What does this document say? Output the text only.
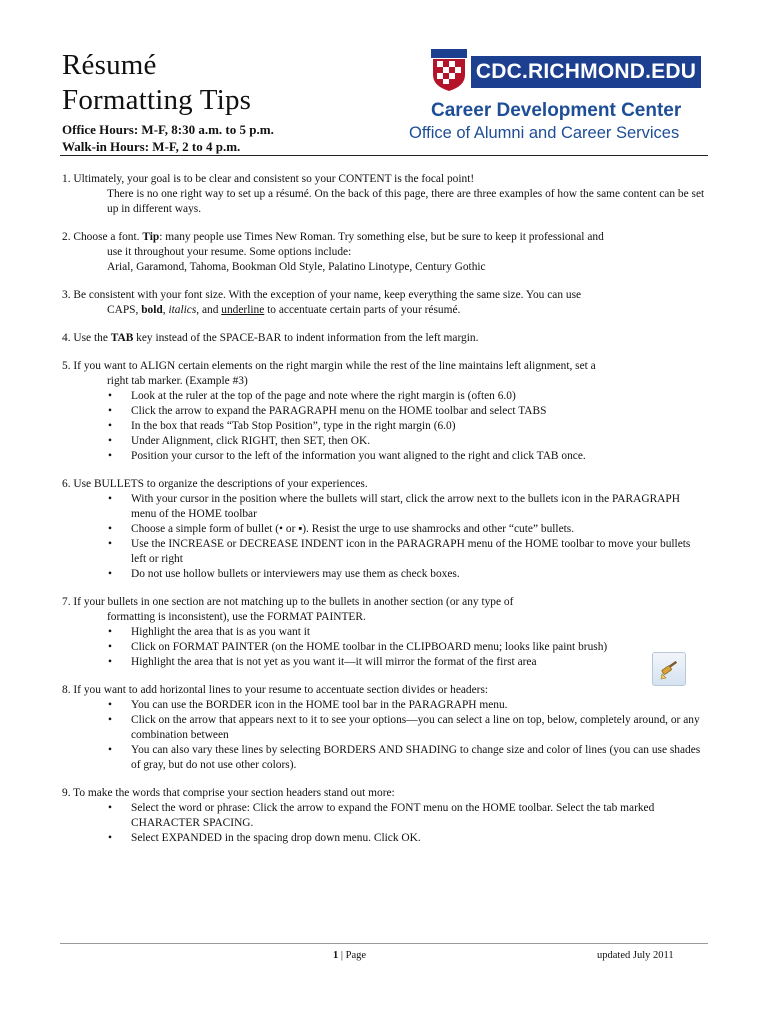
Résumé
Formatting Tips
Office Hours: M-F, 8:30 a.m. to 5 p.m.
Walk-in Hours: M-F, 2 to 4 p.m.
CDC.RICHMOND.EDU
Career Development Center
Office of Alumni and Career Services

1. Ultimately, your goal is to be clear and consistent so your CONTENT is the focal point!

There is no one right way to set up a résumé. On the back of this page, there are three examples of how the same content can be set up in different ways.

2. Choose a font. Tip: many people use Times New Roman. Try something else, but be sure to keep it professional and

use it throughout your resume. Some options include:

Arial, Garamond, Tahoma, Bookman Old Style, Palatino Linotype, Century Gothic

3. Be consistent with your font size. With the exception of your name, keep everything the same size. You can use

CAPS, bold, italics, and underline to accentuate certain parts of your résumé.

4. Use the TAB key instead of the SPACE-BAR to indent information from the left margin.

5. If you want to ALIGN certain elements on the right margin while the rest of the line maintains left alignment, set a

right tab marker. (Example #3)

• Look at the ruler at the top of the page and note where the right margin is (often 6.0)
• Click the arrow to expand the PARAGRAPH menu on the HOME toolbar and select TABS
• In the box that reads “Tab Stop Position”, type in the right margin (6.0)
• Under Alignment, click RIGHT, then SET, then OK.
• Position your cursor to the left of the information you want aligned to the right and click TAB once.

6. Use BULLETS to organize the descriptions of your experiences.

• With your cursor in the position where the bullets will start, click the arrow next to the bullets icon in the PARAGRAPH menu of the HOME toolbar
• Choose a simple form of bullet (• or ▪). Resist the urge to use shamrocks and other “cute” bullets.
• Use the INCREASE or DECREASE INDENT icon in the PARAGRAPH menu of the HOME toolbar to move your bullets left or right
• Do not use hollow bullets or interviewers may use them as check boxes.

7. If your bullets in one section are not matching up to the bullets in another section (or any type of

formatting is inconsistent), use the FORMAT PAINTER.

• Highlight the area that is as you want it
• Click on FORMAT PAINTER (on the HOME toolbar in the CLIPBOARD menu; looks like paint brush)
• Highlight the area that is not yet as you want it—it will mirror the format of the first area

8. If you want to add horizontal lines to your resume to accentuate section divides or headers:

• You can use the BORDER icon in the HOME tool bar in the PARAGRAPH menu.
• Click on the arrow that appears next to it to see your options—you can select a line on top, below, completely around, or any combination between
• You can also vary these lines by selecting BORDERS AND SHADING to change size and color of lines (you can use shades of gray, but do not use other colors).

9. To make the words that comprise your section headers stand out more:

• Select the word or phrase: Click the arrow to expand the FONT menu on the HOME toolbar. Select the tab marked CHARACTER SPACING.
• Select EXPANDED in the spacing drop down menu. Click OK.
1 | Page	updated July 2011
